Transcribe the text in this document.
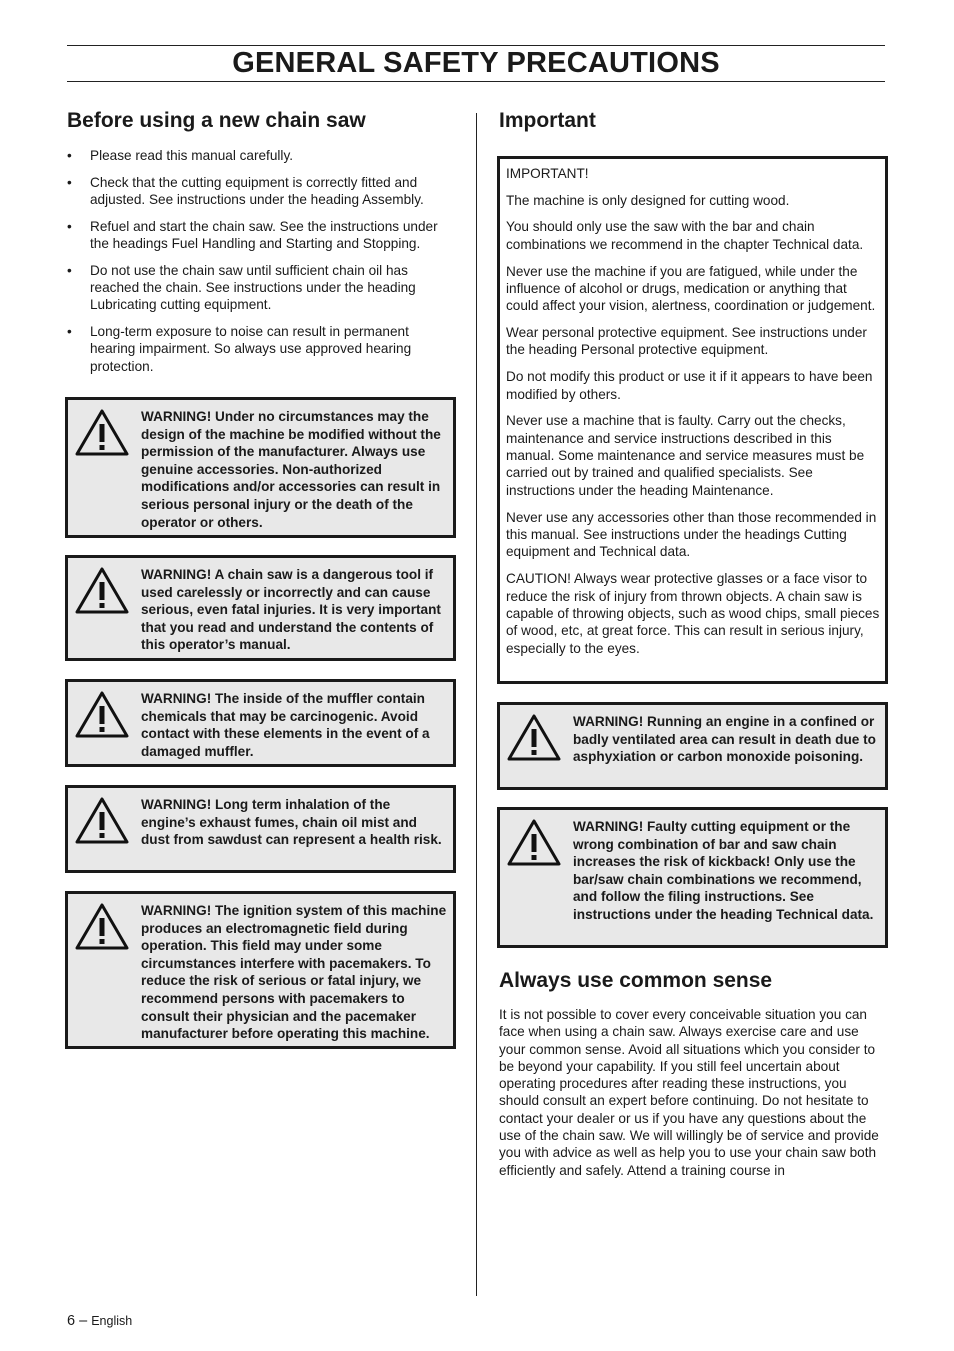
GENERAL SAFETY PRECAUTIONS
Before using a new chain saw
• Please read this manual carefully.
• Check that the cutting equipment is correctly fitted and adjusted. See instructions under the heading Assembly.
• Refuel and start the chain saw. See the instructions under the headings Fuel Handling and Starting and Stopping.
• Do not use the chain saw until sufficient chain oil has reached the chain. See instructions under the heading Lubricating cutting equipment.
• Long-term exposure to noise can result in permanent hearing impairment. So always use approved hearing protection.
WARNING! Under no circumstances may the design of the machine be modified without the permission of the manufacturer. Always use genuine accessories. Non-authorized modifications and/or accessories can result in serious personal injury or the death of the operator or others.
WARNING! A chain saw is a dangerous tool if used carelessly or incorrectly and can cause serious, even fatal injuries. It is very important that you read and understand the contents of this operator’s manual.
WARNING! The inside of the muffler contain chemicals that may be carcinogenic. Avoid contact with these elements in the event of a damaged muffler.
WARNING! Long term inhalation of the engine’s exhaust fumes, chain oil mist and dust from sawdust can represent a health risk.
WARNING! The ignition system of this machine produces an electromagnetic field during operation. This field may under some circumstances interfere with pacemakers. To reduce the risk of serious or fatal injury, we recommend persons with pacemakers to consult their physician and the pacemaker manufacturer before operating this machine.
Important

IMPORTANT!

The machine is only designed for cutting wood.

You should only use the saw with the bar and chain combinations we recommend in the chapter Technical data.

Never use the machine if you are fatigued, while under the influence of alcohol or drugs, medication or anything that could affect your vision, alertness, coordination or judgement.

Wear personal protective equipment. See instructions under the heading Personal protective equipment.

Do not modify this product or use it if it appears to have been modified by others.

Never use a machine that is faulty. Carry out the checks, maintenance and service instructions described in this manual. Some maintenance and service measures must be carried out by trained and qualified specialists. See instructions under the heading Maintenance.

Never use any accessories other than those recommended in this manual. See instructions under the headings Cutting equipment and Technical data.

CAUTION! Always wear protective glasses or a face visor to reduce the risk of injury from thrown objects. A chain saw is capable of throwing objects, such as wood chips, small pieces of wood, etc, at great force. This can result in serious injury, especially to the eyes.

WARNING! Running an engine in a confined or badly ventilated area can result in death due to asphyxiation or carbon monoxide poisoning.
WARNING! Faulty cutting equipment or the wrong combination of bar and saw chain increases the risk of kickback! Only use the bar/saw chain combinations we recommend, and follow the filing instructions. See instructions under the heading Technical data.
Always use common sense

It is not possible to cover every conceivable situation you can face when using a chain saw. Always exercise care and use your common sense. Avoid all situations which you consider to be beyond your capability. If you still feel uncertain about operating procedures after reading these instructions, you should consult an expert before continuing. Do not hesitate to contact your dealer or us if you have any questions about the use of the chain saw. We will willingly be of service and provide you with advice as well as help you to use your chain saw both efficiently and safely. Attend a training course in

6 – English
